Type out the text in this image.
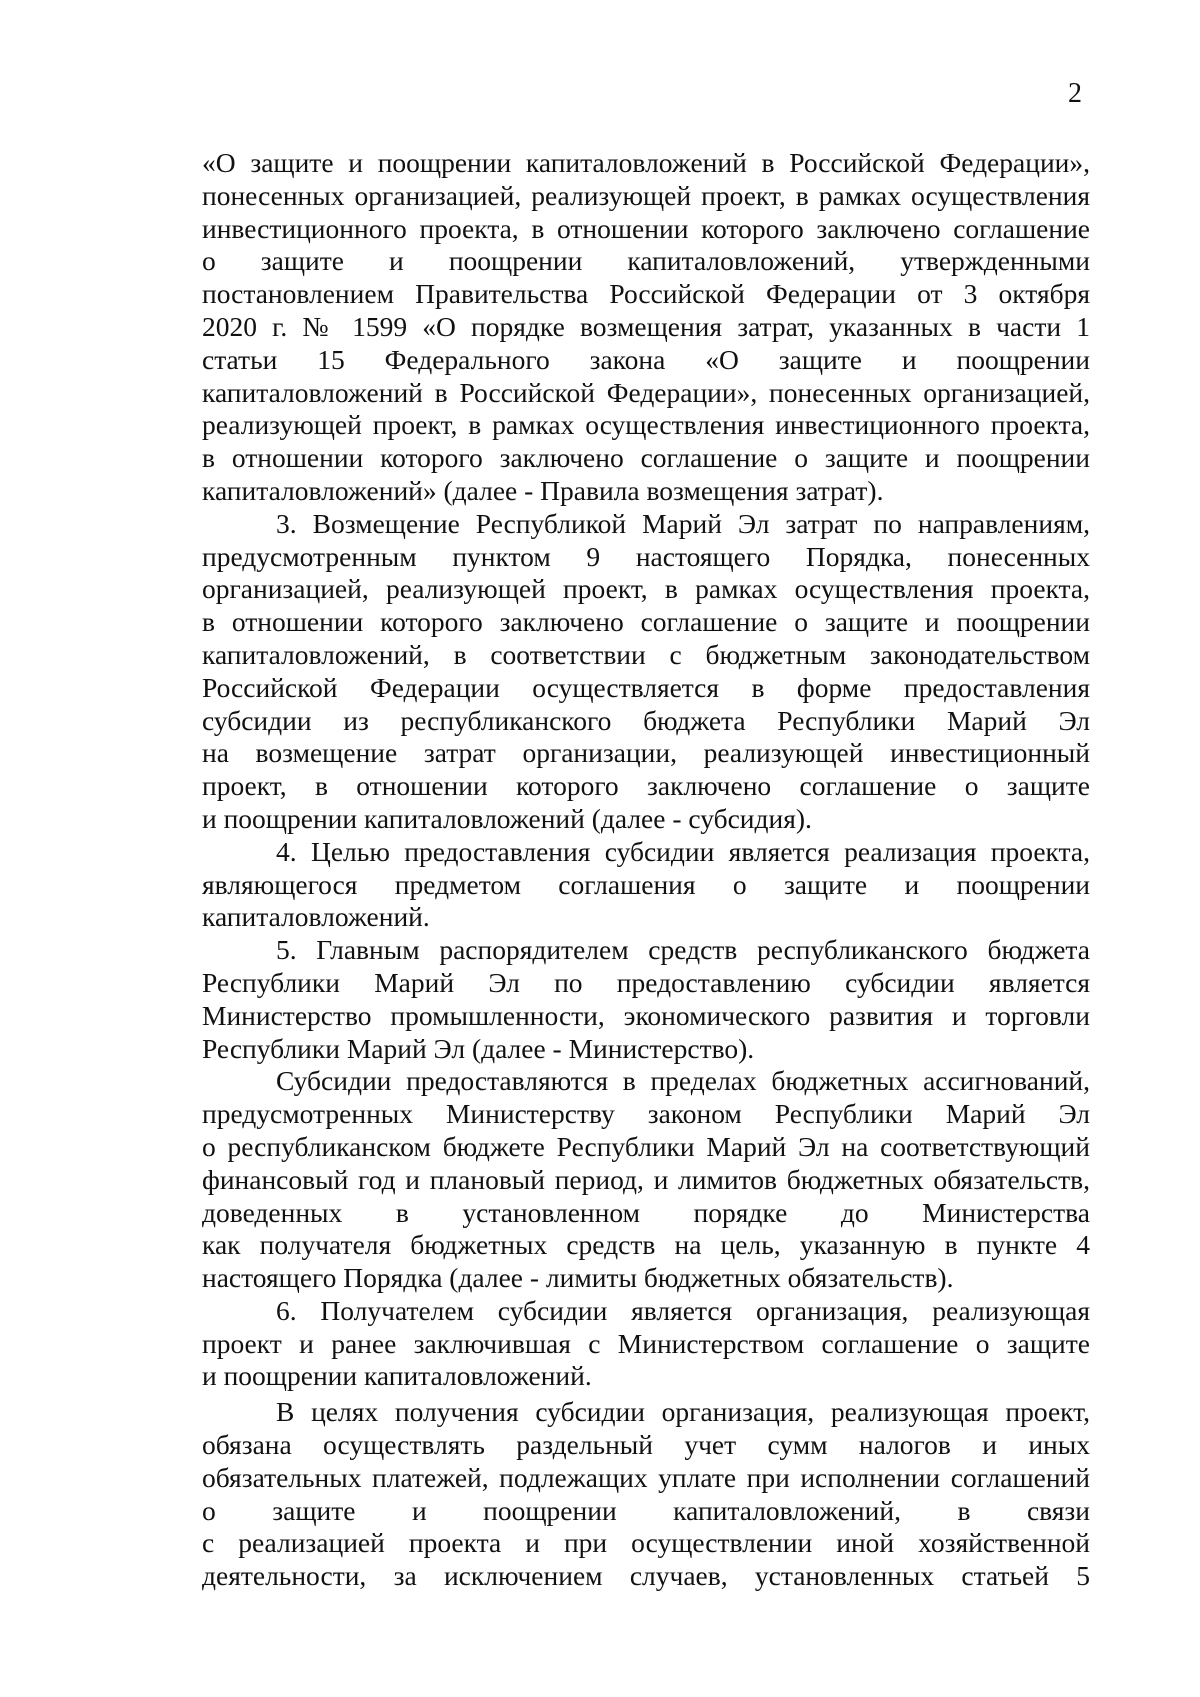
2
«О защите и поощрении капиталовложений в Российской Федерации»,
понесенных организацией, реализующей проект, в рамках осуществления
инвестиционного проекта, в отношении которого заключено соглашение
о защите и поощрении капиталовложений, утвержденными
постановлением Правительства Российской Федерации от 3 октября
2020 г. № 1599 «О порядке возмещения затрат, указанных в части 1
статьи 15 Федерального закона «О защите и поощрении
капиталовложений в Российской Федерации», понесенных организацией,
реализующей проект, в рамках осуществления инвестиционного проекта,
в отношении которого заключено соглашение о защите и поощрении
капиталовложений» (далее - Правила возмещения затрат).
3. Возмещение Республикой Марий Эл затрат по направлениям,
предусмотренным пунктом 9 настоящего Порядка, понесенных
организацией, реализующей проект, в рамках осуществления проекта,
в отношении которого заключено соглашение о защите и поощрении
капиталовложений, в соответствии с бюджетным законодательством
Российской Федерации осуществляется в форме предоставления
субсидии из республиканского бюджета Республики Марий Эл
на возмещение затрат организации, реализующей инвестиционный
проект, в отношении которого заключено соглашение о защите
и поощрении капиталовложений (далее - субсидия).
4. Целью предоставления субсидии является реализация проекта,
являющегося предметом соглашения о защите и поощрении
капиталовложений.
5. Главным распорядителем средств республиканского бюджета
Республики Марий Эл по предоставлению субсидии является
Министерство промышленности, экономического развития и торговли
Республики Марий Эл (далее - Министерство).
Субсидии предоставляются в пределах бюджетных ассигнований,
предусмотренных Министерству законом Республики Марий Эл
о республиканском бюджете Республики Марий Эл на соответствующий
финансовый год и плановый период, и лимитов бюджетных обязательств,
доведенных в установленном порядке до Министерства
как получателя бюджетных средств на цель, указанную в пункте 4
настоящего Порядка (далее - лимиты бюджетных обязательств).
6. Получателем субсидии является организация, реализующая
проект и ранее заключившая с Министерством соглашение о защите
и поощрении капиталовложений.
В целях получения субсидии организация, реализующая проект,
обязана осуществлять раздельный учет сумм налогов и иных
обязательных платежей, подлежащих уплате при исполнении соглашений
о защите и поощрении капиталовложений, в связи
с реализацией проекта и при осуществлении иной хозяйственной
деятельности, за исключением случаев, установленных статьей 5
